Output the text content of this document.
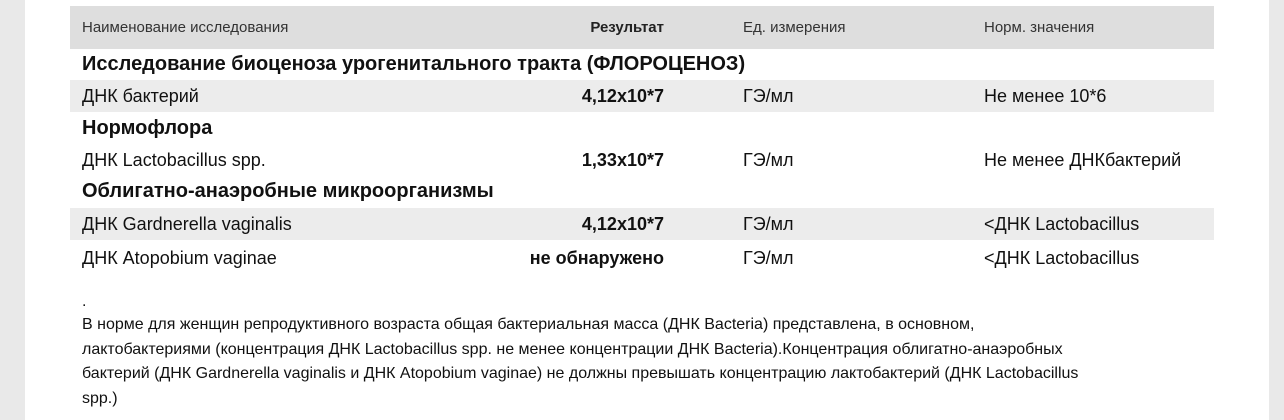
Наименование исследования	Результат	Ед. измерения	Норм. значения
Исследование биоценоза урогенитального тракта (ФЛОРОЦЕНОЗ)
ДНК бактерий	4,12x10*7	ГЭ/мл	Не менее 10*6
Нормофлора
ДНК Lactobacillus spp.	1,33x10*7	ГЭ/мл	Не менее ДНКбактерий
Облигатно-анаэробные микроорганизмы
ДНК Gardnerella vaginalis	4,12x10*7	ГЭ/мл	<ДНК Lactobacillus
ДНК Atopobium vaginae	не обнаружено	ГЭ/мл	<ДНК Lactobacillus
.
В норме для женщин репродуктивного возраста общая бактериальная масса (ДНК Bacteria) представлена, в основном,
лактобактериями (концентрация ДНК Lactobacillus spp. не менее концентрации ДНК Bacteria).Концентрация облигатно-анаэробных
бактерий (ДНК Gardnerella vaginalis и ДНК Atopobium vaginae) не должны превышать концентрацию лактобактерий (ДНК Lactobacillus
spp.)
